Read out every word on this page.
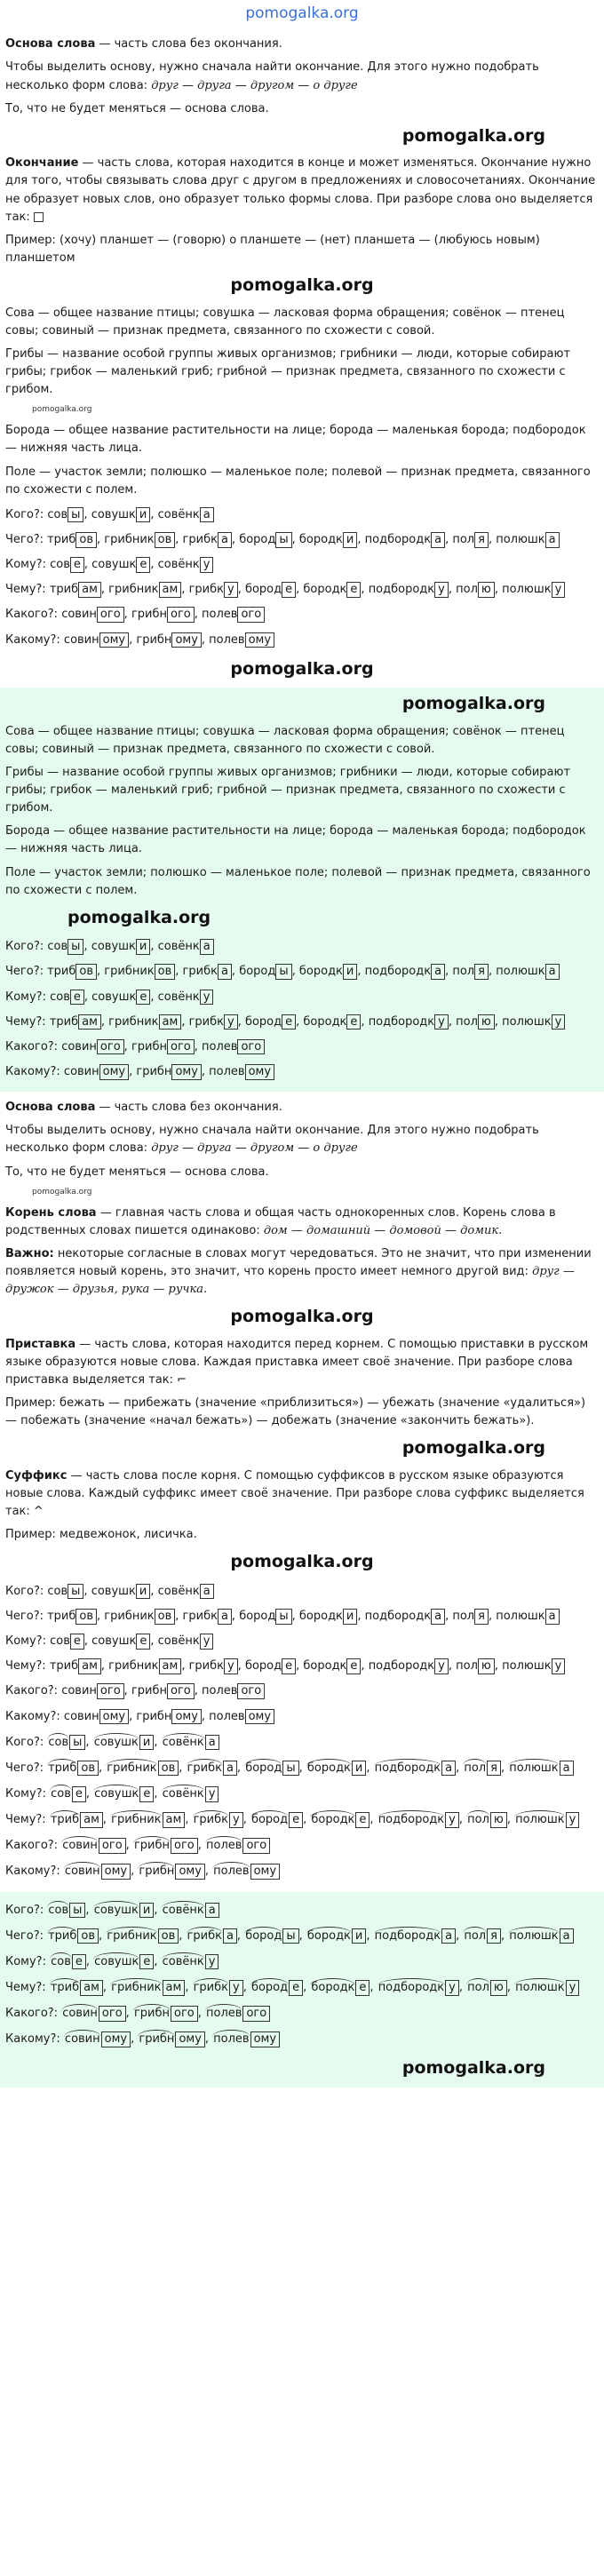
pomogalka.org

Основа слова — часть слова без окончания.

Чтобы выделить основу, нужно сначала найти окончание. Для этого нужно подобрать несколько форм слова: друг — друга — другом — о друге

То, что не будет меняться — основа слова.

pomogalka.org

Окончание — часть слова, которая находится в конце и может изменяться. Окончание нужно для того, чтобы связывать слова друг с другом в предложениях и словосочетаниях. Окончание не образует новых слов, оно образует только формы слова. При разборе слова оно выделяется так:

Пример: (хочу) планшет — (говорю) о планшете — (нет) планшета — (любуюсь новым) планшетом

pomogalka.org

Сова — общее название птицы; совушка — ласковая форма обращения; совёнок — птенец совы; совиный — признак предмета, связанного по схожести с совой.

Грибы — название особой группы живых организмов; грибники — люди, которые собирают грибы; грибок — маленький гриб; грибной — признак предмета, связанного по схожести с грибом.

pomogalka.org

Борода — общее название растительности на лице; борода — маленькая борода; подбородок — нижняя часть лица.

Поле — участок земли; полюшко — маленькое поле; полевой — признак предмета, связанного по схожести с полем.

Кого?: сов ы , совушк и , совёнк а
Чего?: триб ов , грибник ов , грибк а , бород ы , бородк и , подбородк а , пол я , полюшк а
Кому?: сов е , совушк е , совёнк у
Чему?: триб ам , грибник ам , грибк у , бород е , бородк е , подбородк у , пол ю , полюшк у
Какого?: совин ого , грибн ого , полев ого
Какому?: совин ому , грибн ому , полев ому
pomogalka.org
pomogalka.org

Сова — общее название птицы; совушка — ласковая форма обращения; совёнок — птенец совы; совиный — признак предмета, связанного по схожести с совой.

Грибы — название особой группы живых организмов; грибники — люди, которые собирают грибы; грибок — маленький гриб; грибной — признак предмета, связанного по схожести с грибом.

Борода — общее название растительности на лице; борода — маленькая борода; подбородок — нижняя часть лица.

Поле — участок земли; полюшко — маленькое поле; полевой — признак предмета, связанного по схожести с полем.

pomogalka.org
Кого?: сов ы , совушк и , совёнк а
Чего?: триб ов , грибник ов , грибк а , бород ы , бородк и , подбородк а , пол я , полюшк а
Кому?: сов е , совушк е , совёнк у
Чему?: триб ам , грибник ам , грибк у , бород е , бородк е , подбородк у , пол ю , полюшк у
Какого?: совин ого , грибн ого , полев ого
Какому?: совин ому , грибн ому , полев ому

Основа слова — часть слова без окончания.

Чтобы выделить основу, нужно сначала найти окончание. Для этого нужно подобрать несколько форм слова: друг — друга — другом — о друге

То, что не будет меняться — основа слова.

pomogalka.org

Корень слова — главная часть слова и общая часть однокоренных слов. Корень слова в родственных словах пишется одинаково: дом — домашний — домовой — домик.

Важно: некоторые согласные в словах могут чередоваться. Это не значит, что при изменении появляется новый корень, это значит, что корень просто имеет немного другой вид: друг — дружок — друзья, рука — ручка.

pomogalka.org

Приставка — часть слова, которая находится перед корнем. С помощью приставки в русском языке образуются новые слова. Каждая приставка имеет своё значение. При разборе слова приставка выделяется так: ⌐

Пример: бежать — прибежать (значение «приблизиться») — убежать (значение «удалиться») — побежать (значение «начал бежать») — добежать (значение «закончить бежать»).

pomogalka.org

Суффикс — часть слова после корня. С помощью суффиксов в русском языке образуются новые слова. Каждый суффикс имеет своё значение. При разборе слова суффикс выделяется так: ^

Пример: медвежонок, лисичка.

pomogalka.org
Кого?: сов ы , совушк и , совёнк а
Чего?: триб ов , грибник ов , грибк а , бород ы , бородк и , подбородк а , пол я , полюшк а
Кому?: сов е , совушк е , совёнк у
Чему?: триб ам , грибник ам , грибк у , бород е , бородк е , подбородк у , пол ю , полюшк у
Какого?: совин ого , грибн ого , полев ого
Какому?: совин ому , грибн ому , полев ому
Кого?: сов ы , совушк и , совёнк а
Чего?: триб ов , грибник ов , грибк а , бород ы , бородк и , подбородк а , пол я , полюшк а
Кому?: сов е , совушк е , совёнк у
Чему?: триб ам , грибник ам , грибк у , бород е , бородк е , подбородк у , пол ю , полюшк у
Какого?: совин ого , грибн ого , полев ого
Какому?: совин ому , грибн ому , полев ому
Кого?: сов ы , совушк и , совёнк а
Чего?: триб ов , грибник ов , грибк а , бород ы , бородк и , подбородк а , пол я , полюшк а
Кому?: сов е , совушк е , совёнк у
Чему?: триб ам , грибник ам , грибк у , бород е , бородк е , подбородк у , пол ю , полюшк у
Какого?: совин ого , грибн ого , полев ого
Какому?: совин ому , грибн ому , полев ому
pomogalka.org
